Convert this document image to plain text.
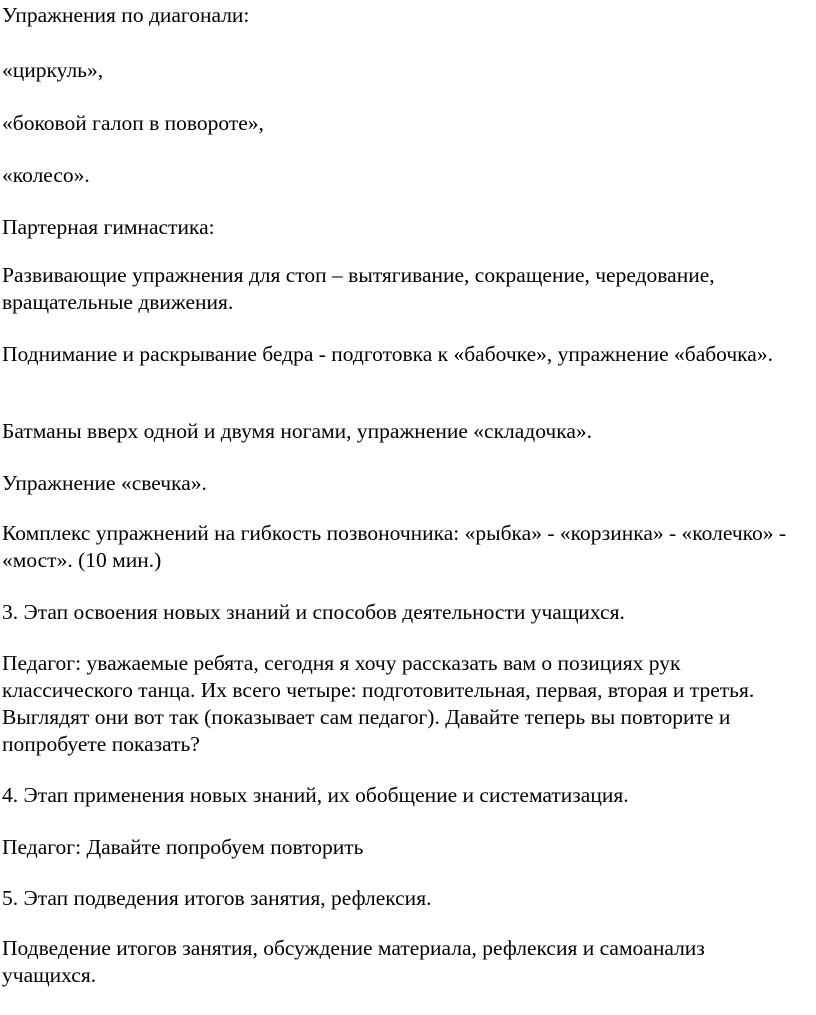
Упражнения по диагонали:

«циркуль»,

«боковой галоп в повороте»,

«колесо».

Партерная гимнастика:

Развивающие упражнения для стоп – вытягивание, сокращение, чередование, вращательные движения.

Поднимание и раскрывание бедра - подготовка к «бабочке», упражнение «бабочка».

Батманы вверх одной и двумя ногами, упражнение «складочка».

Упражнение «свечка».

Комплекс упражнений на гибкость позвоночника: «рыбка» - «корзинка» - «колечко» - «мост». (10 мин.)

3. Этап освоения новых знаний и способов деятельности учащихся.

Педагог: уважаемые ребята, сегодня я хочу рассказать вам о позициях рук классического танца. Их всего четыре: подготовительная, первая, вторая и третья. Выглядят они вот так (показывает сам педагог). Давайте теперь вы повторите и попробуете показать?

4. Этап применения новых знаний, их обобщение и систематизация.

Педагог: Давайте попробуем повторить

5. Этап подведения итогов занятия, рефлексия.

Подведение итогов занятия, обсуждение материала, рефлексия и самоанализ учащихся.
